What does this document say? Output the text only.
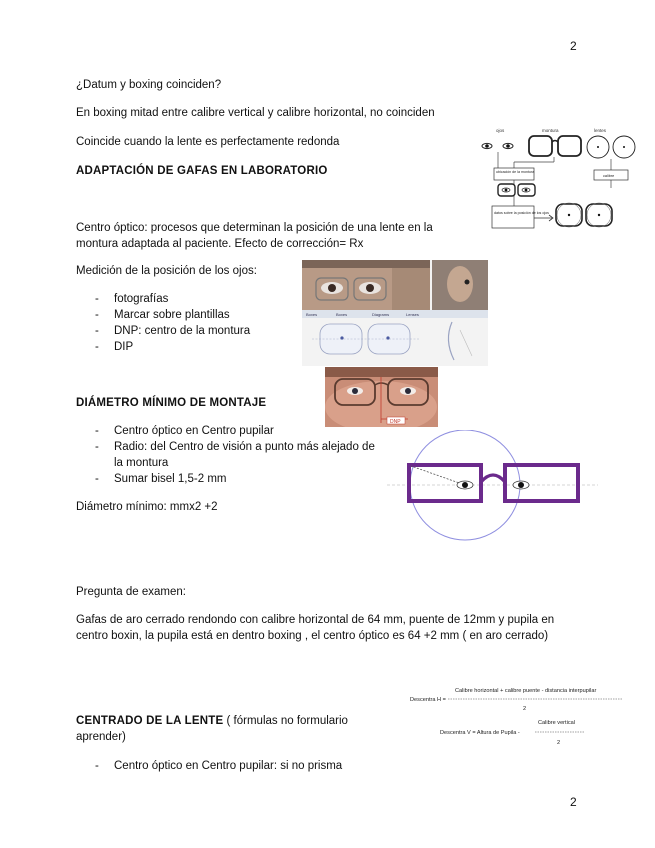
2
2
¿Datum y boxing coinciden?
En boxing mitad entre calibre vertical y calibre horizontal, no coinciden
Coincide cuando la lente es perfectamente redonda
ADAPTACIÓN DE GAFAS EN LABORATORIO
Centro óptico: procesos que determinan la posición de una lente en la montura adaptada al paciente. Efecto de corrección= Rx
Medición de la posición de los ojos:
- fotografías
- Marcar sobre plantillas
- DNP: centro de la montura
- DIP
DIÁMETRO MÍNIMO DE MONTAJE
- Centro óptico en Centro pupilar
- Radio: del Centro de visión a punto más alejado de la montura
- Sumar bisel 1,5-2 mm
Diámetro mínimo: mmx2 +2
Pregunta de examen:
Gafas de aro cerrado rendondo con calibre horizontal de 64 mm, puente de 12mm y pupila en centro boxin, la pupila está en dentro boxing , el centro óptico es 64 +2 mm ( en aro cerrado)
CENTRADO DE LA LENTE ( fórmulas no formulario aprender)
- Centro óptico en Centro pupilar: si no prisma
ojos	montura	lentes
ubicación de la montura
datos sobre la posición de los ojos
calibre
Boxes	Boxes	Diagrams	Lenses
DNP
Descentra H =
Calibre horizontal + calibre puente - distancia interpupilar
2
Descentra V = Altura de Pupila -
Calibre vertical
2
